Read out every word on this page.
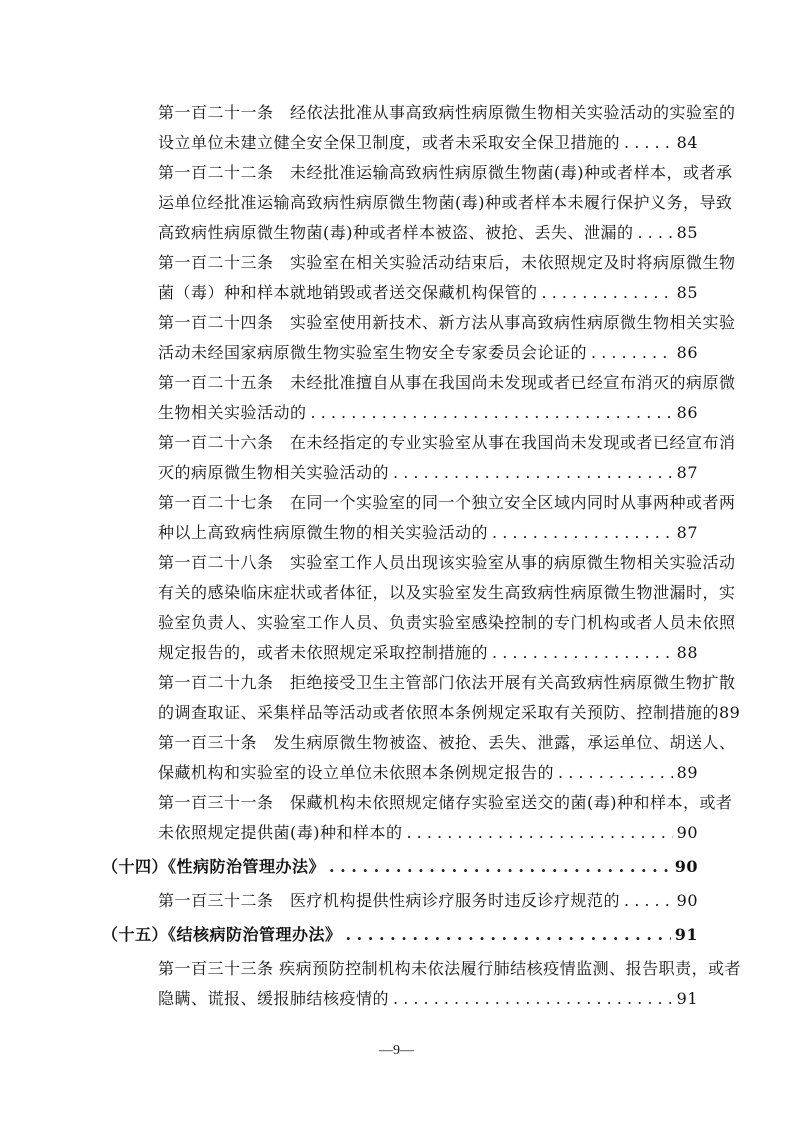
第一百二十一条　经依法批准从事高致病性病原微生物相关实验活动的实验室的
设立单位未建立健全安全保卫制度，或者未采取安全保卫措施的 . . .	84
第一百二十二条　未经批准运输高致病性病原微生物菌(毒)种或者样本，或者承
运单位经批准运输高致病性病原微生物菌(毒)种或者样本未履行保护义务，导致
高致病性病原微生物菌(毒)种或者样本被盗、被抢、丢失、泄漏的 . . .	85
第一百二十三条　实验室在相关实验活动结束后，未依照规定及时将病原微生物
菌（毒）种和样本就地销毁或者送交保藏机构保管的 . . .	85
第一百二十四条　实验室使用新技术、新方法从事高致病性病原微生物相关实验
活动未经国家病原微生物实验室生物安全专家委员会论证的 . . .	86
第一百二十五条　未经批准擅自从事在我国尚未发现或者已经宣布消灭的病原微
生物相关实验活动的 . . .	86
第一百二十六条　在未经指定的专业实验室从事在我国尚未发现或者已经宣布消
灭的病原微生物相关实验活动的 . . .	87
第一百二十七条　在同一个实验室的同一个独立安全区域内同时从事两种或者两
种以上高致病性病原微生物的相关实验活动的 . . .	87
第一百二十八条　实验室工作人员出现该实验室从事的病原微生物相关实验活动
有关的感染临床症状或者体征，以及实验室发生高致病性病原微生物泄漏时，实
验室负责人、实验室工作人员、负责实验室感染控制的专门机构或者人员未依照
规定报告的，或者未依照规定采取控制措施的 . . .	88
第一百二十九条　拒绝接受卫生主管部门依法开展有关高致病性病原微生物扩散
的调查取证、采集样品等活动或者依照本条例规定采取有关预防、控制措施的89
第一百三十条　发生病原微生物被盗、被抢、丢失、泄露，承运单位、胡送人、
保藏机构和实验室的设立单位未依照本条例规定报告的 . . .	89
第一百三十一条　保藏机构未依照规定储存实验室送交的菌(毒)种和样本，或者
未依照规定提供菌(毒)种和样本的 . . .	90
（十四）《性病防治管理办法》 . . .	90
第一百三十二条　医疗机构提供性病诊疗服务时违反诊疗规范的 . . .	90
（十五）《结核病防治管理办法》 . . .	91
第一百三十三条 疾病预防控制机构未依法履行肺结核疫情监测、报告职责，或者
隐瞒、谎报、缓报肺结核疫情的 . . .	91
—9—
